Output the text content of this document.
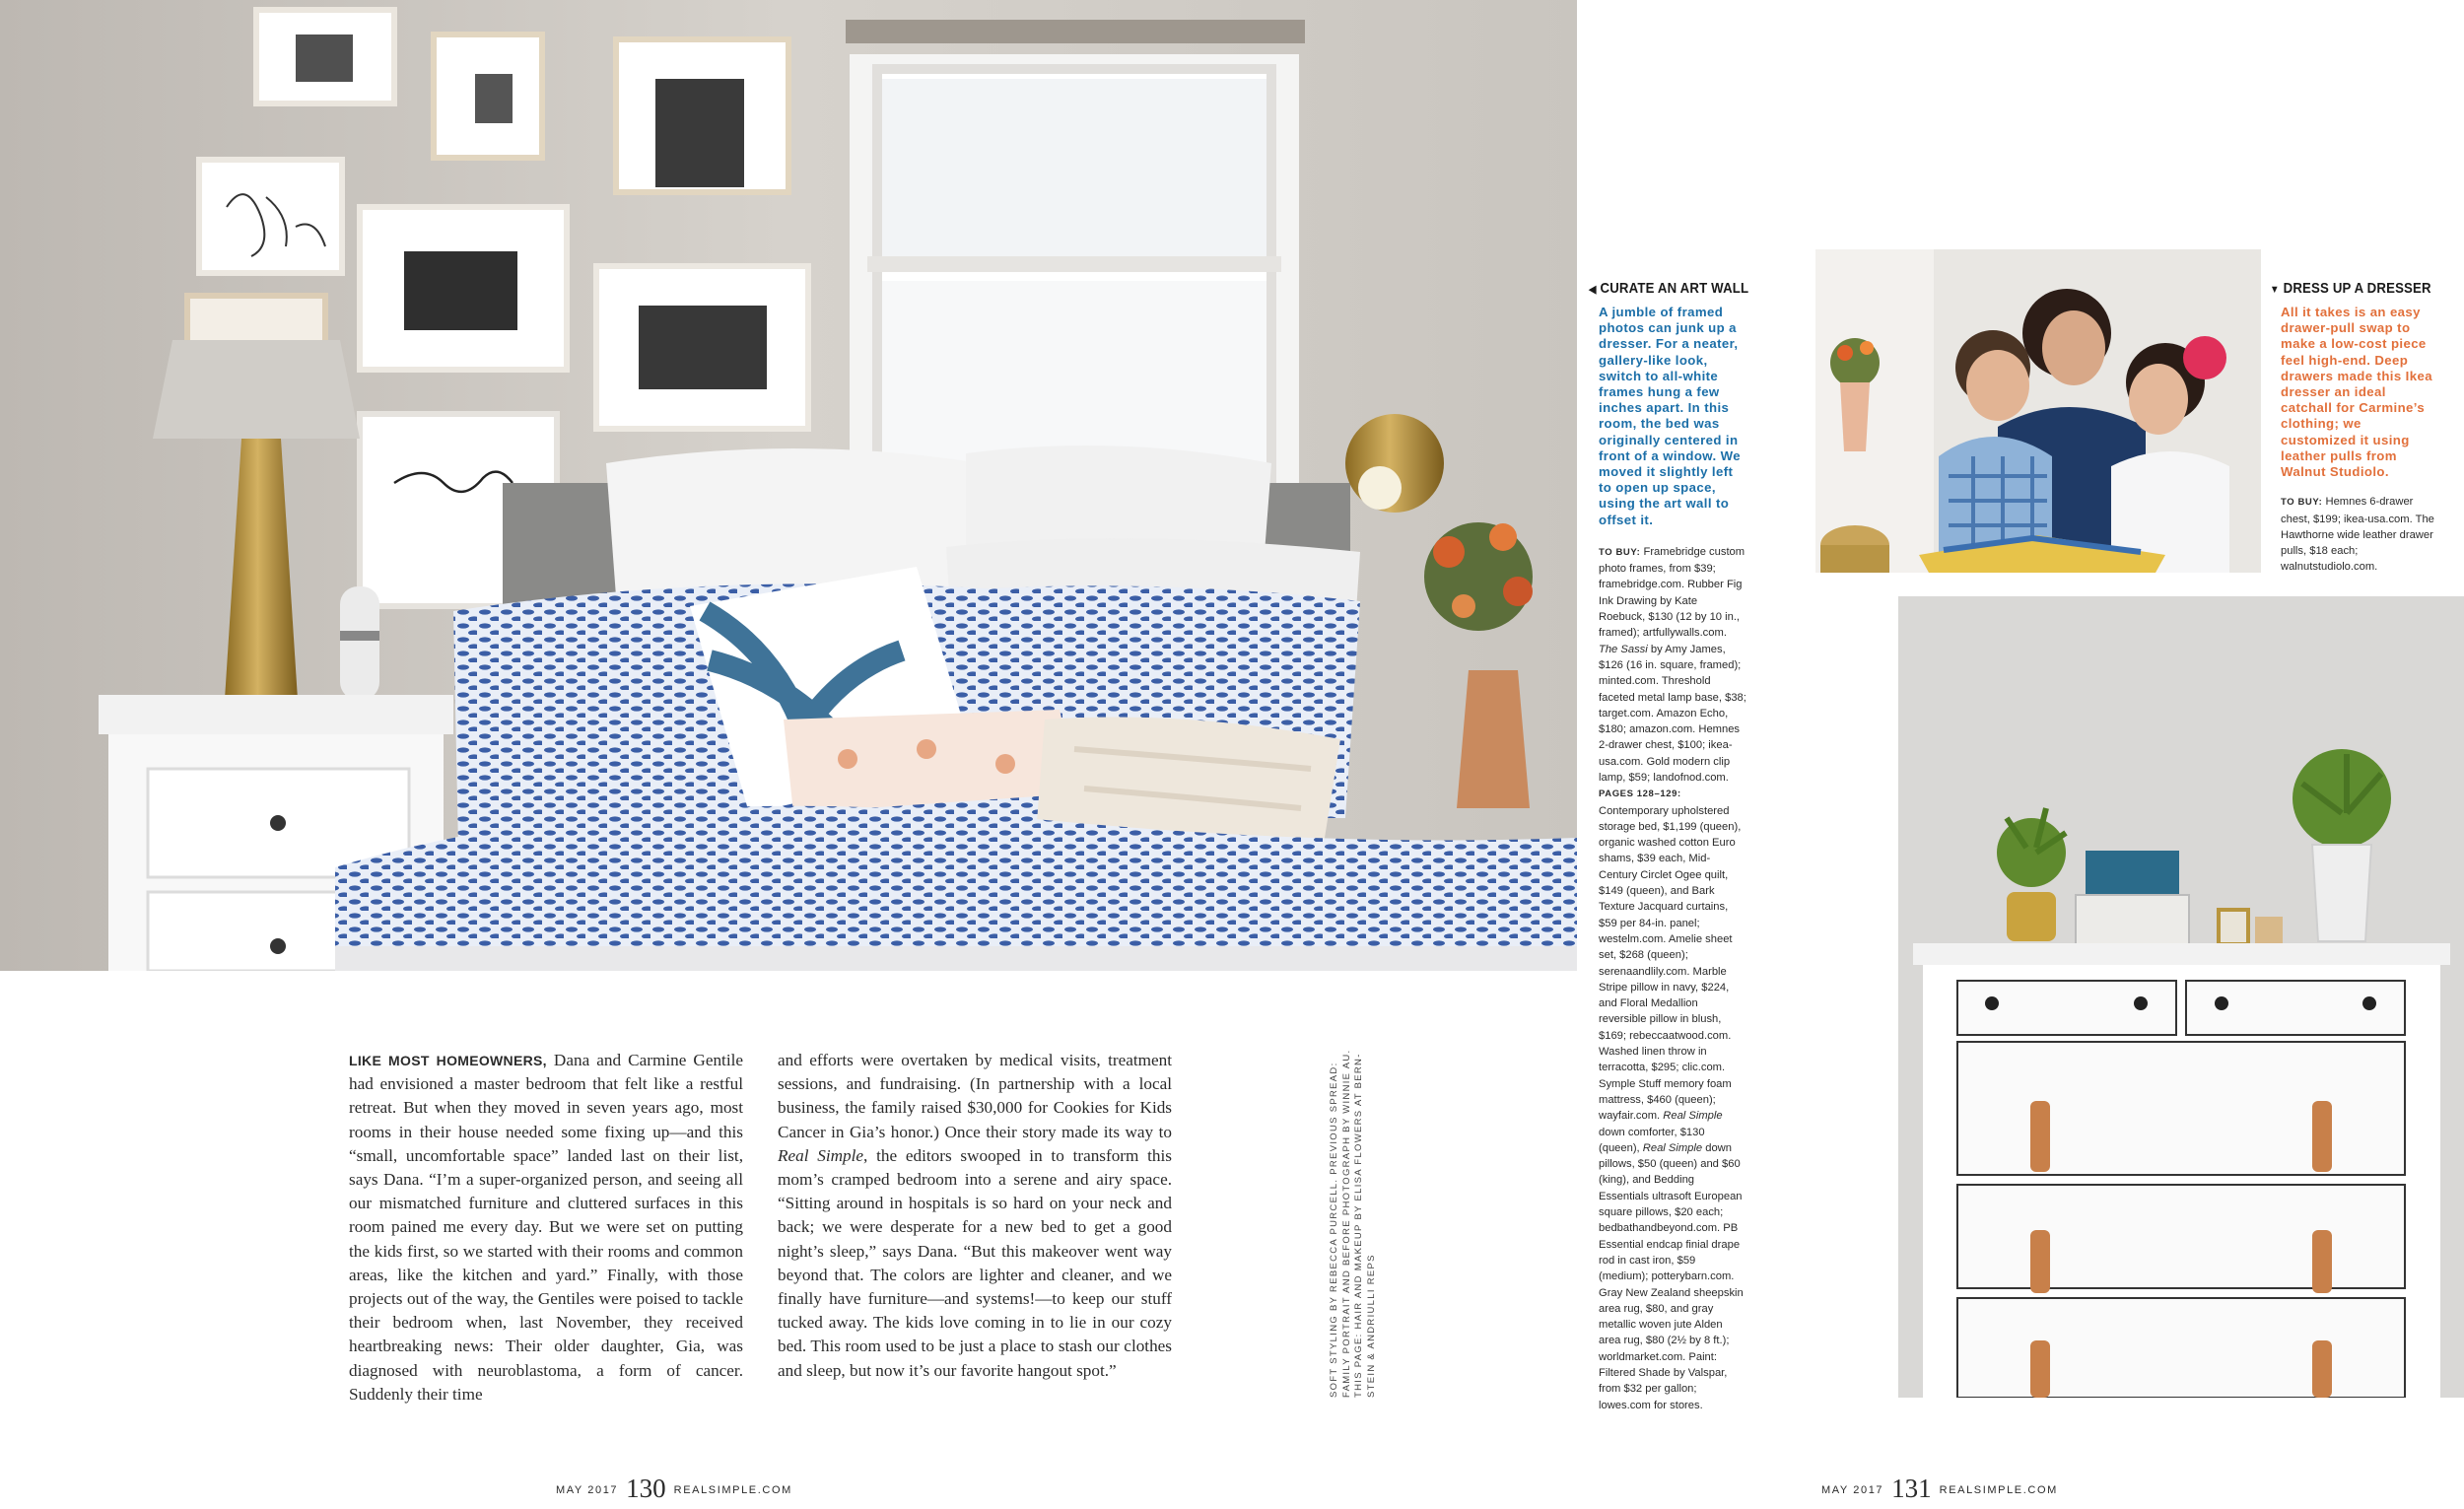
LIKE MOST HOMEOWNERS, Dana and Carmine Gentile had envisioned a master bedroom that felt like a restful retreat. But when they moved in seven years ago, most rooms in their house needed some fixing up—and this “small, uncomfortable space” landed last on their list, says Dana. “I’m a super-organized person, and seeing all our mismatched furniture and cluttered surfaces in this room pained me every day. But we were set on putting the kids first, so we started with their rooms and common areas, like the kitchen and yard.” Finally, with those projects out of the way, the Gentiles were poised to tackle their bedroom when, last November, they received heartbreaking news: Their older daughter, Gia, was diagnosed with neuroblastoma, a form of cancer. Suddenly their time
and efforts were overtaken by medical visits, treatment sessions, and fundraising. (In partnership with a local business, the family raised $30,000 for Cookies for Kids Cancer in Gia’s honor.) Once their story made its way to Real Simple, the editors swooped in to transform this mom’s cramped bedroom into a serene and airy space. “Sitting around in hospitals is so hard on your neck and back; we were desperate for a new bed to get a good night’s sleep,” says Dana. “But this makeover went way beyond that. The colors are lighter and cleaner, and we finally have furniture—and systems!—to keep our stuff tucked away. The kids love coming in to lie in our cozy bed. This room used to be just a place to stash our clothes and sleep, but now it’s our favorite hangout spot.”	SOFT STYLING BY REBECCA PURCELL. PREVIOUS SPREAD: FAMILY PORTRAIT AND BEFORE PHOTOGRAPH BY WINNIE AU. THIS PAGE: HAIR AND MAKEUP BY ELISA FLOWERS AT BERN- STEIN & ANDRIULLI REPS
MAY 2017 130 REALSIMPLE.COM
◀ CURATE AN ART WALL
A jumble of framed photos can junk up a dresser. For a neater, gallery-like look, switch to all-white frames hung a few inches apart. In this room, the bed was originally centered in front of a window. We moved it slightly left to open up space, using the art wall to offset it.
TO BUY: Framebridge custom photo frames, from $39; framebridge.com. Rubber Fig Ink Drawing by Kate Roebuck, $130 (12 by 10 in., framed); artfullywalls.com. The Sassi by Amy James, $126 (16 in. square, framed); minted.com. Threshold faceted metal lamp base, $38; target.com. Amazon Echo, $180; amazon.com. Hemnes 2-drawer chest, $100; ikea-usa.com. Gold modern clip lamp, $59; landofnod.com.
PAGES 128–129: Contemporary upholstered storage bed, $1,199 (queen), organic washed cotton Euro shams, $39 each, Mid-Century Circlet Ogee quilt, $149 (queen), and Bark Texture Jacquard curtains, $59 per 84-in. panel; westelm.com. Amelie sheet set, $268 (queen); serenaandlily.com. Marble Stripe pillow in navy, $224, and Floral Medallion reversible pillow in blush, $169; rebeccaatwood.com. Washed linen throw in terracotta, $295; clic.com. Symple Stuff memory foam mattress, $460 (queen); wayfair.com. Real Simple down comforter, $130 (queen), Real Simple down pillows, $50 (queen) and $60 (king), and Bedding Essentials ultrasoft European square pillows, $20 each; bedbathandbeyond.com. PB Essential endcap finial drape rod in cast iron, $59 (medium); potterybarn.com. Gray New Zealand sheepskin area rug, $80, and gray metallic woven jute Alden area rug, $80 (2½ by 8 ft.); worldmarket.com. Paint: Filtered Shade by Valspar, from $32 per gallon; lowes.com for stores.
▼ DRESS UP A DRESSER
All it takes is an easy drawer-pull swap to make a low-cost piece feel high-end. Deep drawers made this Ikea dresser an ideal catchall for Carmine’s clothing; we customized it using leather pulls from Walnut Studiolo.
TO BUY: Hemnes 6-drawer chest, $199; ikea-usa.com. The Hawthorne wide leather drawer pulls, $18 each; walnutstudiolo.com.
MAY 2017 131 REALSIMPLE.COM
